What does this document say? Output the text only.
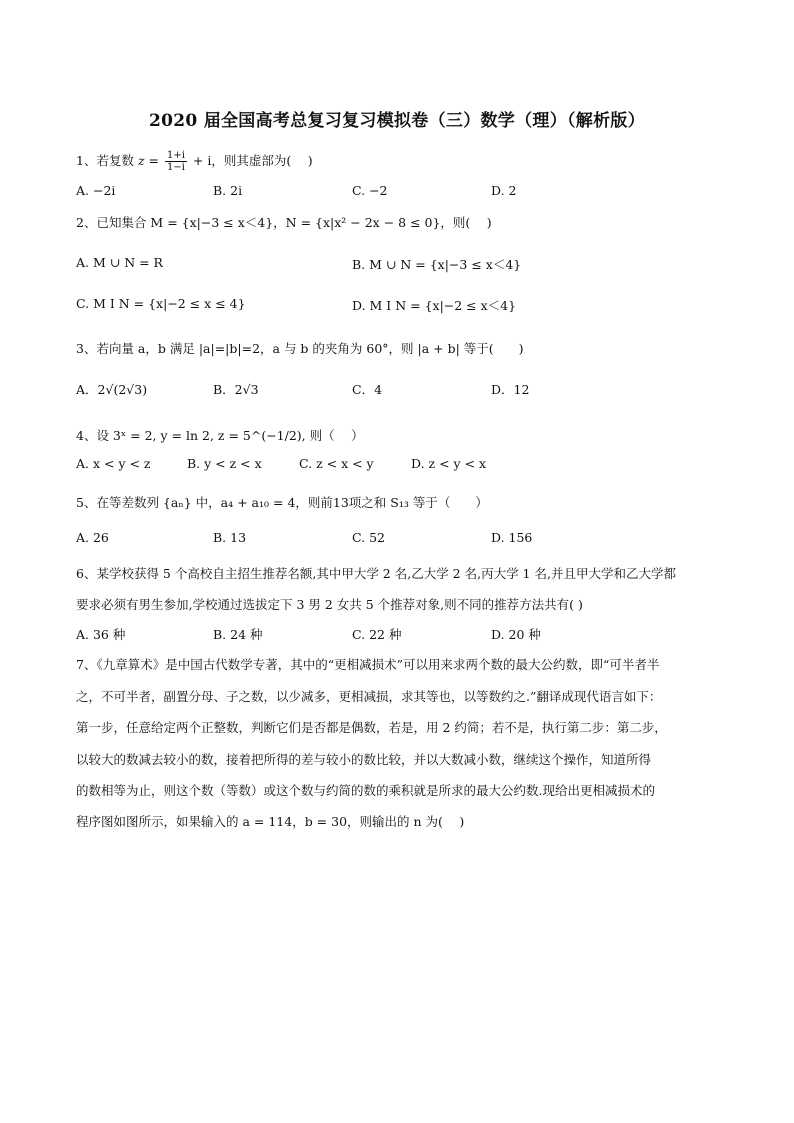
2020 届全国高考总复习复习模拟卷（三）数学（理）（解析版）
1、若复数 $z = \frac{1+i}{1-i} + i$，则其虚部为(　 )
A. −2i	B. 2i	C. −2	D. 2
2、已知集合 M = {x|−3 ≤ x＜4}，N = {x|x² − 2x − 8 ≤ 0}，则(　 )
A. M ∪ N = R	B. M ∪ N = {x|−3 ≤ x＜4}
C. M I N = {x|−2 ≤ x ≤ 4}	D. M I N = {x|−2 ≤ x＜4}
3、若向量 a，b 满足 |a|=|b|=2，a 与 b 的夹角为 60°，则 |a + b| 等于(　　)
A．2√(2√3)	B．2√3	C．4	D．12
4、设 3ˣ = 2, y = ln 2, z = 5^(−1/2), 则（　 ）
A. x < y < z	B. y < z < x	C. z < x < y	D. z < y < x
5、在等差数列 {aₙ} 中，a₄ + a₁₀ = 4，则前13项之和 S₁₃ 等于（　　）
A. 26	B. 13	C. 52	D. 156
6、某学校获得 5 个高校自主招生推荐名额,其中甲大学 2 名,乙大学 2 名,丙大学 1 名,并且甲大学和乙大学都
要求必须有男生参加,学校通过选拔定下 3 男 2 女共 5 个推荐对象,则不同的推荐方法共有( )
A. 36 种	B. 24 种	C. 22 种	D. 20 种
7、《九章算术》是中国古代数学专著，其中的“更相减损术”可以用来求两个数的最大公约数，即“可半者半
之，不可半者，副置分母、子之数，以少减多，更相减损，求其等也，以等数约之.”翻译成现代语言如下：
第一步，任意给定两个正整数，判断它们是否都是偶数，若是，用 2 约简；若不是，执行第二步：第二步，
以较大的数减去较小的数，接着把所得的差与较小的数比较，并以大数减小数，继续这个操作，知道所得
的数相等为止，则这个数（等数）或这个数与约简的数的乘积就是所求的最大公约数.现给出更相减损术的
程序图如图所示，如果输入的 a = 114，b = 30，则输出的 n 为(　 )
